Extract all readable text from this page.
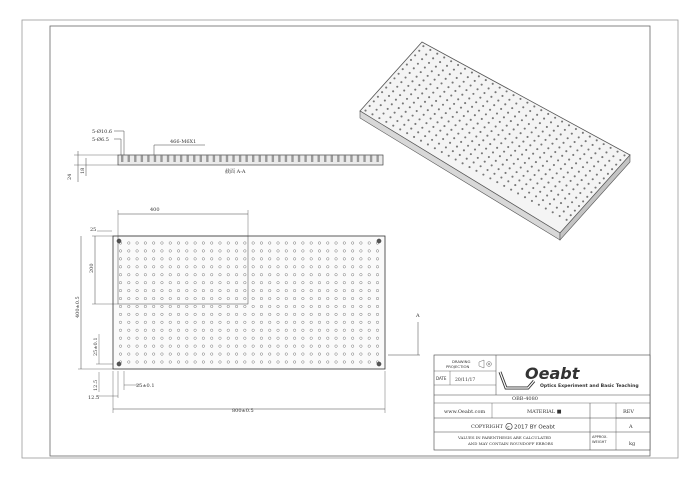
5-Ø10.6
5-Ø6.5	466-M6X1
24
18	截面 A-A
400
25
200
400±0.5
25±0.1
12.5	25±0.1
12.5
800±0.5
A
DRAWING
PROJECTION
DATE 20/11/17	Oeabt
Optics Experiment and Basic Teaching
OBB-4080
www.Oeabt.com	MATERIAL ■	REV
A
COPYRIGHT c 2017 BY Oeabt
VALUES IN PARENTHESIS ARE CALCULATED
AND MAY CONTAIN ROUNDOFF ERRORS
APPROX.
WEIGHT	kg
